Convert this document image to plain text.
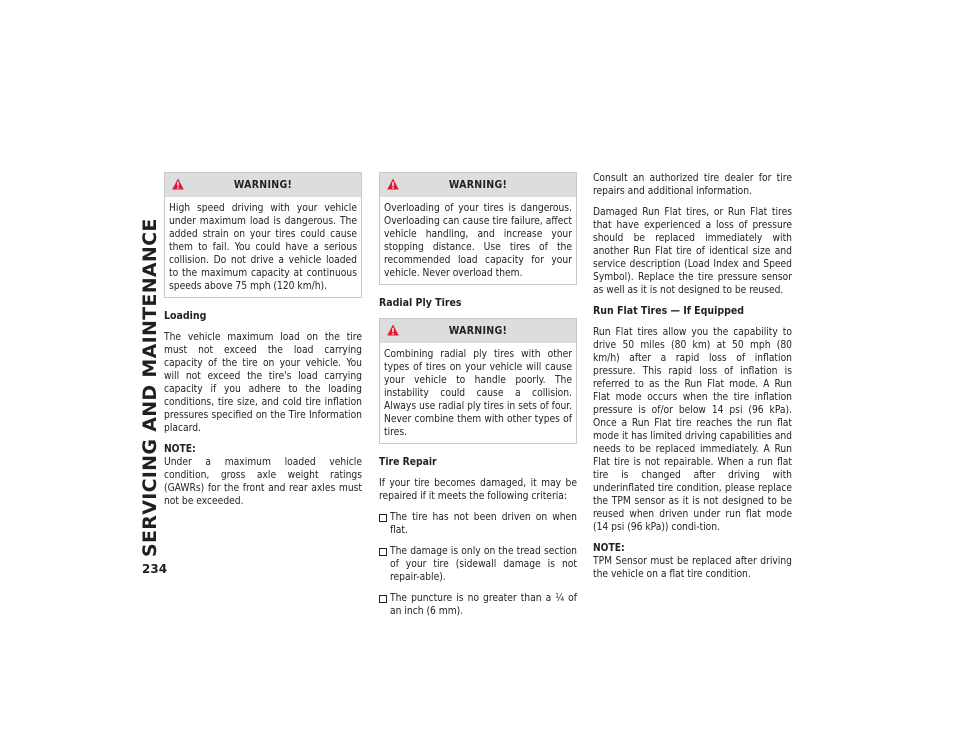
SERVICING AND MAINTENANCE
234
WARNING!
High speed driving with your vehicle under maximum load is dangerous. The added strain on your tires could cause them to fail. You could have a serious collision. Do not drive a vehicle loaded to the maximum capacity at continuous speeds above 75 mph (120 km/h).
Loading

The vehicle maximum load on the tire must not exceed the load carrying capacity of the tire on your vehicle. You will not exceed the tire's load carrying capacity if you adhere to the loading conditions, tire size, and cold tire inflation pressures specified on the Tire Information placard.

NOTE:
Under a maximum loaded vehicle condition, gross axle weight ratings (GAWRs) for the front and rear axles must not be exceeded.
WARNING!
Overloading of your tires is dangerous. Overloading can cause tire failure, affect vehicle handling, and increase your stopping distance. Use tires of the recommended load capacity for your vehicle. Never overload them.
Radial Ply Tires
WARNING!
Combining radial ply tires with other types of tires on your vehicle will cause your vehicle to handle poorly. The instability could cause a collision. Always use radial ply tires in sets of four. Never combine them with other types of tires.
Tire Repair

If your tire becomes damaged, it may be repaired if it meets the following criteria:

The tire has not been driven on when flat.
The damage is only on the tread section of your tire (sidewall damage is not repair-able).
The puncture is no greater than a ¼ of an inch (6 mm).

Consult an authorized tire dealer for tire repairs and additional information.

Damaged Run Flat tires, or Run Flat tires that have experienced a loss of pressure should be replaced immediately with another Run Flat tire of identical size and service description (Load Index and Speed Symbol). Replace the tire pressure sensor as well as it is not designed to be reused.

Run Flat Tires — If Equipped

Run Flat tires allow you the capability to drive 50 miles (80 km) at 50 mph (80 km/h) after a rapid loss of inflation pressure. This rapid loss of inflation is referred to as the Run Flat mode. A Run Flat mode occurs when the tire inflation pressure is of/or below 14 psi (96 kPa). Once a Run Flat tire reaches the run flat mode it has limited driving capabilities and needs to be replaced immediately. A Run Flat tire is not repairable. When a run flat tire is changed after driving with underinflated tire condition, please replace the TPM sensor as it is not designed to be reused when driven under run flat mode (14 psi (96 kPa)) condi-tion.

NOTE:
TPM Sensor must be replaced after driving the vehicle on a flat tire condition.
